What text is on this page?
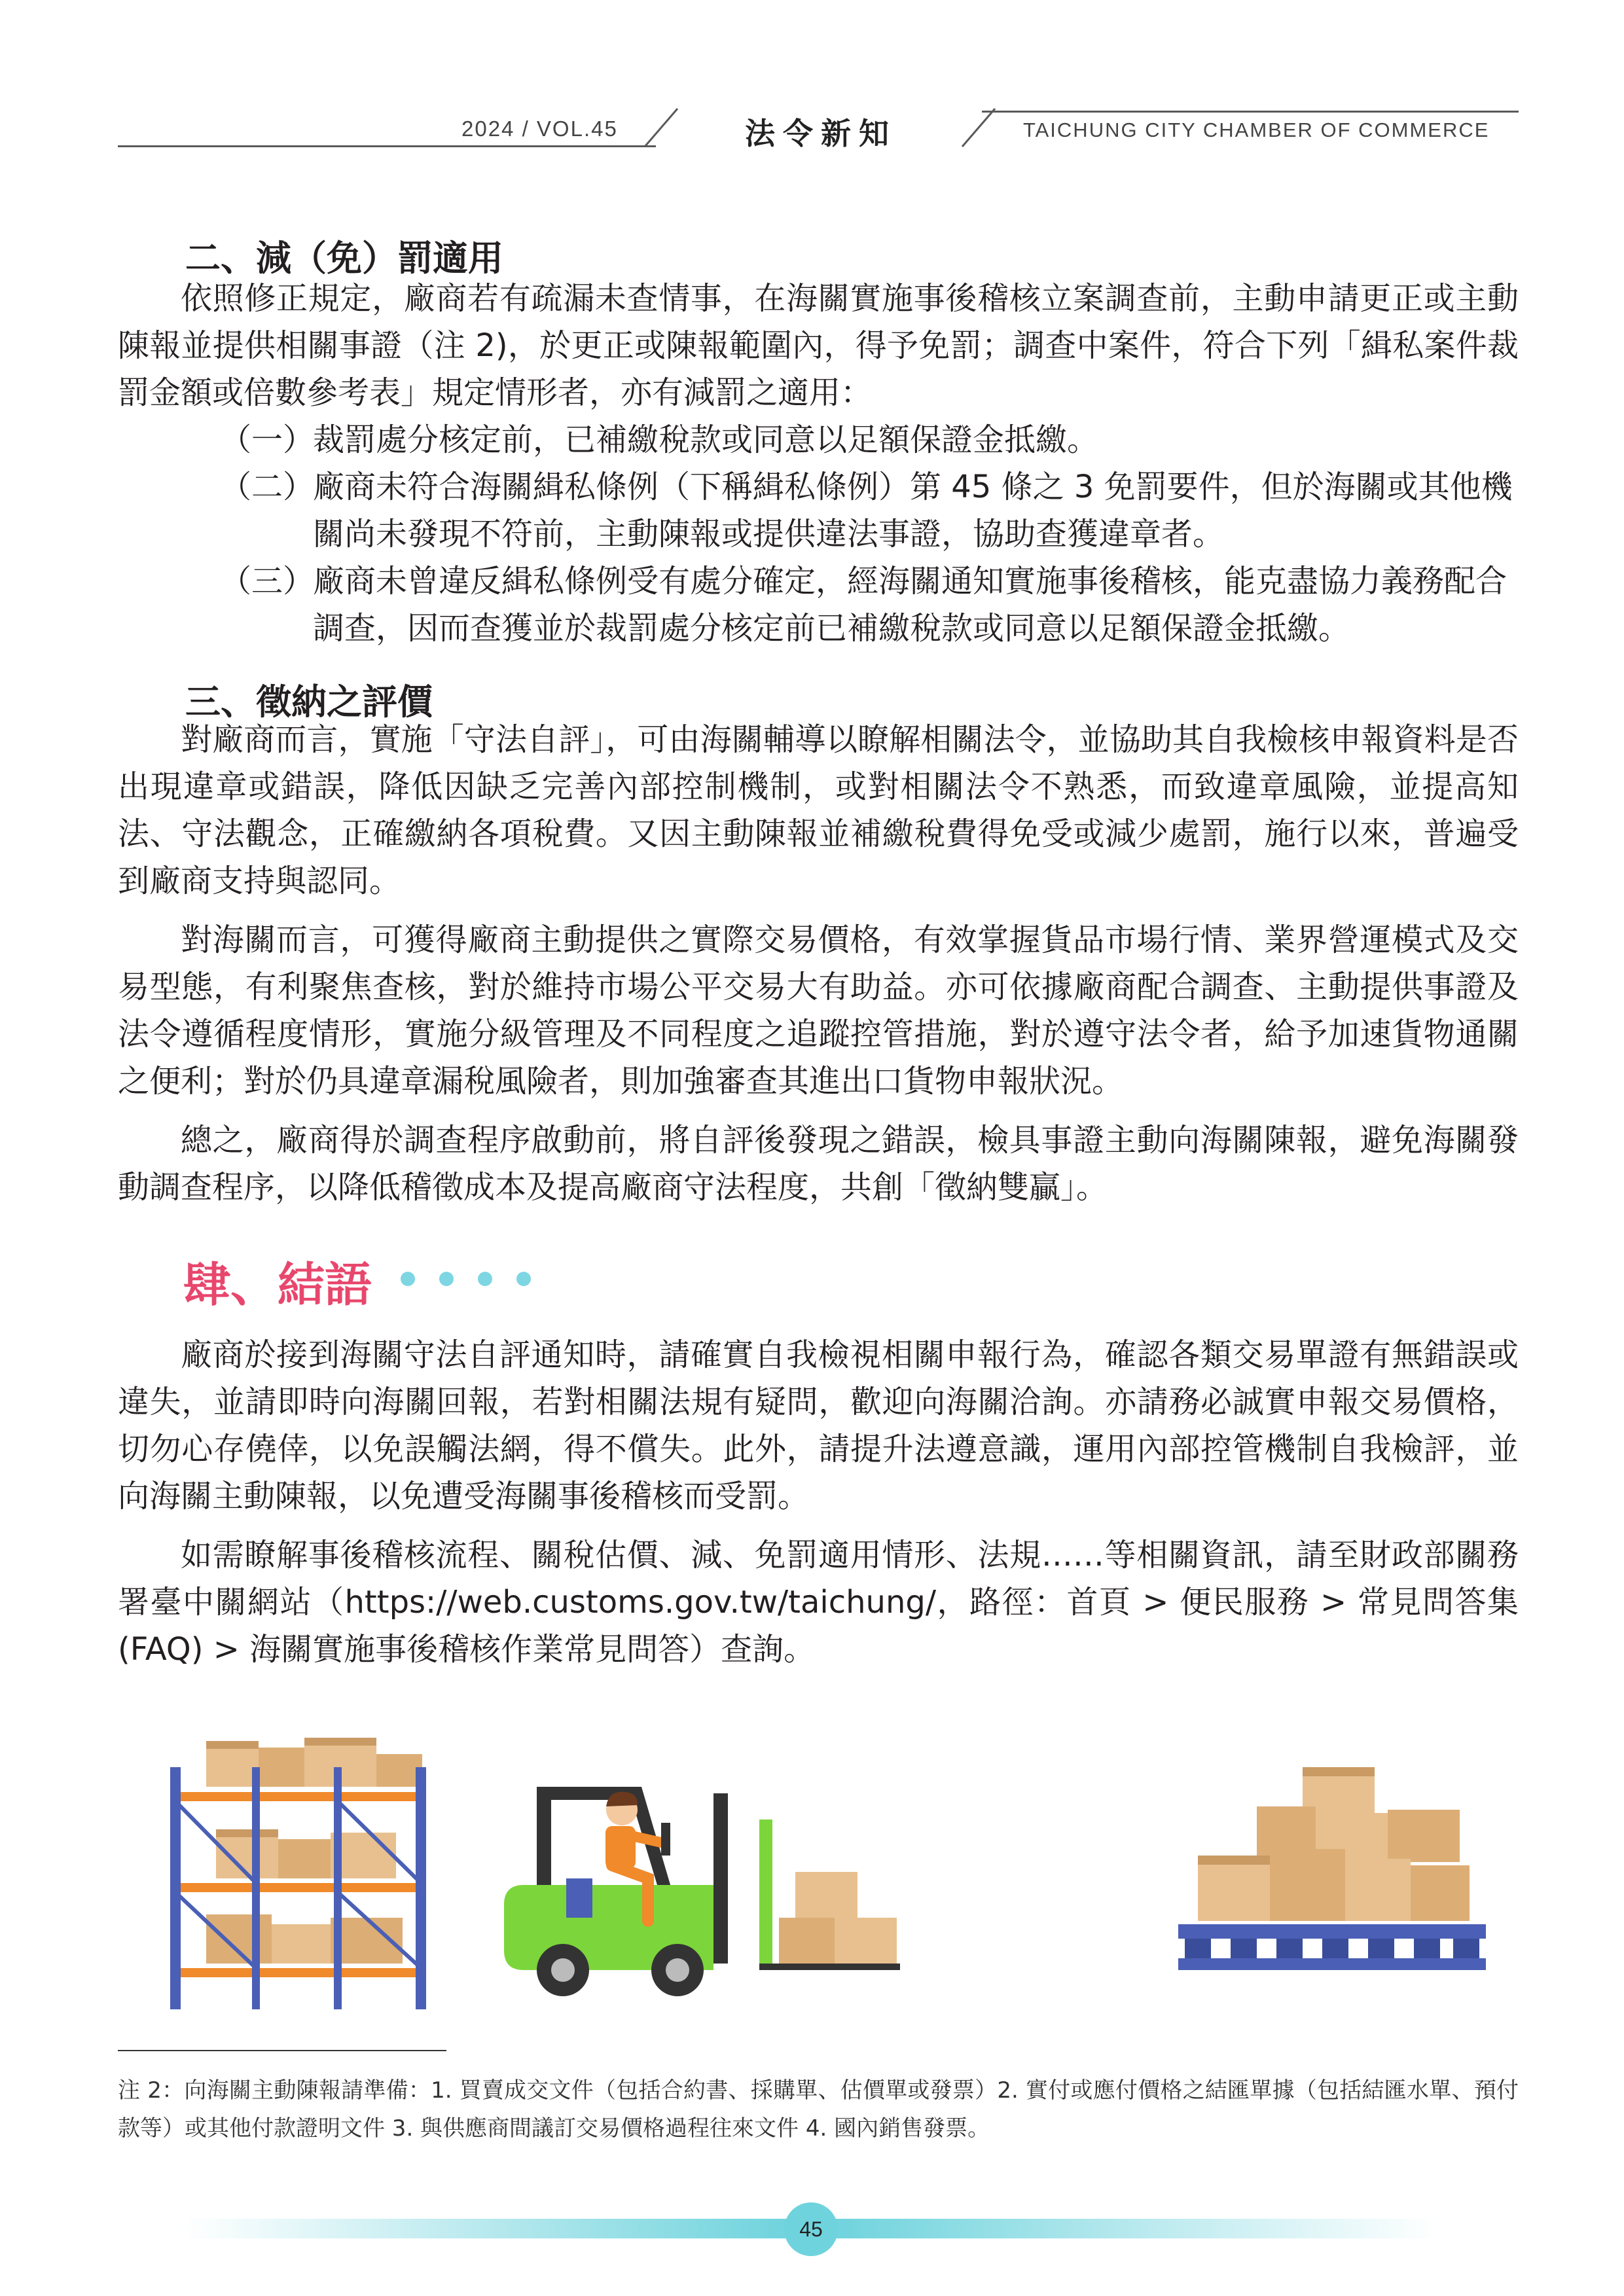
2024 / VOL.45	法令新知	TAICHUNG CITY CHAMBER OF COMMERCE
二、減（免）罰適用
依照修正規定，廠商若有疏漏未查情事，在海關實施事後稽核立案調查前，主動申請更正或主動陳報並提供相關事證（注 2)，於更正或陳報範圍內，得予免罰；調查中案件，符合下列「緝私案件裁罰金額或倍數參考表」規定情形者，亦有減罰之適用：
（一）
裁罰處分核定前，已補繳稅款或同意以足額保證金抵繳。
（二）
廠商未符合海關緝私條例（下稱緝私條例）第 45 條之 3 免罰要件，但於海關或其他機關尚未發現不符前，主動陳報或提供違法事證，協助查獲違章者。
（三）
廠商未曾違反緝私條例受有處分確定，經海關通知實施事後稽核，能克盡協力義務配合調查，因而查獲並於裁罰處分核定前已補繳稅款或同意以足額保證金抵繳。
三、徵納之評價
對廠商而言，實施「守法自評」，可由海關輔導以瞭解相關法令，並協助其自我檢核申報資料是否出現違章或錯誤，降低因缺乏完善內部控制機制，或對相關法令不熟悉，而致違章風險，並提高知法、守法觀念，正確繳納各項稅費。又因主動陳報並補繳稅費得免受或減少處罰，施行以來，普遍受到廠商支持與認同。
對海關而言，可獲得廠商主動提供之實際交易價格，有效掌握貨品市場行情、業界營運模式及交易型態，有利聚焦查核，對於維持市場公平交易大有助益。亦可依據廠商配合調查、主動提供事證及法令遵循程度情形，實施分級管理及不同程度之追蹤控管措施，對於遵守法令者，給予加速貨物通關之便利；對於仍具違章漏稅風險者，則加強審查其進出口貨物申報狀況。
總之，廠商得於調查程序啟動前，將自評後發現之錯誤，檢具事證主動向海關陳報，避免海關發動調查程序，以降低稽徵成本及提高廠商守法程度，共創「徵納雙贏」。
肆、結語
廠商於接到海關守法自評通知時，請確實自我檢視相關申報行為，確認各類交易單證有無錯誤或違失，並請即時向海關回報，若對相關法規有疑問，歡迎向海關洽詢。亦請務必誠實申報交易價格，切勿心存僥倖，以免誤觸法網，得不償失。此外，請提升法遵意識，運用內部控管機制自我檢評，並向海關主動陳報，以免遭受海關事後稽核而受罰。
如需瞭解事後稽核流程、關稅估價、減、免罰適用情形、法規……等相關資訊，請至財政部關務署臺中關網站（https://web.customs.gov.tw/taichung/，路徑：首頁 > 便民服務 > 常見問答集 (FAQ) > 海關實施事後稽核作業常見問答）查詢。
注 2：向海關主動陳報請準備：1. 買賣成交文件（包括合約書、採購單、估價單或發票）2. 實付或應付價格之結匯單據（包括結匯水單、預付款等）或其他付款證明文件 3. 與供應商間議訂交易價格過程往來文件 4. 國內銷售發票。
45
